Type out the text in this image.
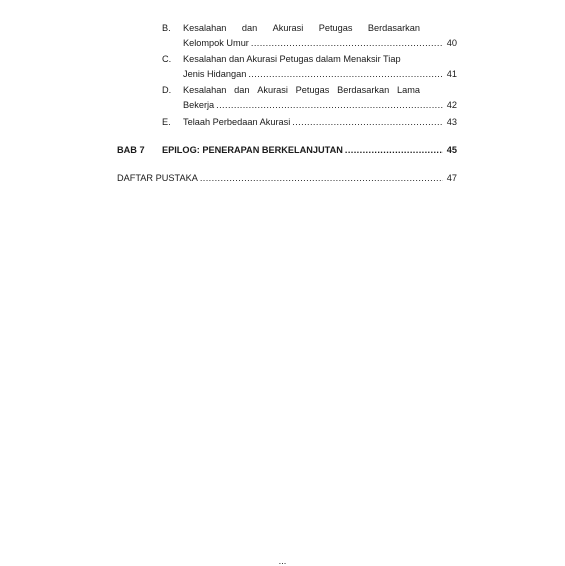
B. Kesalahan dan Akurasi Petugas Berdasarkan
Kelompok Umur .....	40
C. Kesalahan dan Akurasi Petugas dalam Menaksir Tiap
Jenis Hidangan .....	41
D. Kesalahan dan Akurasi Petugas Berdasarkan Lama
Bekerja .....	42
E. Telaah Perbedaan Akurasi .....	43
BAB 7 EPILOG: PENERAPAN BERKELANJUTAN .....	45
DAFTAR PUSTAKA .....	47
...
